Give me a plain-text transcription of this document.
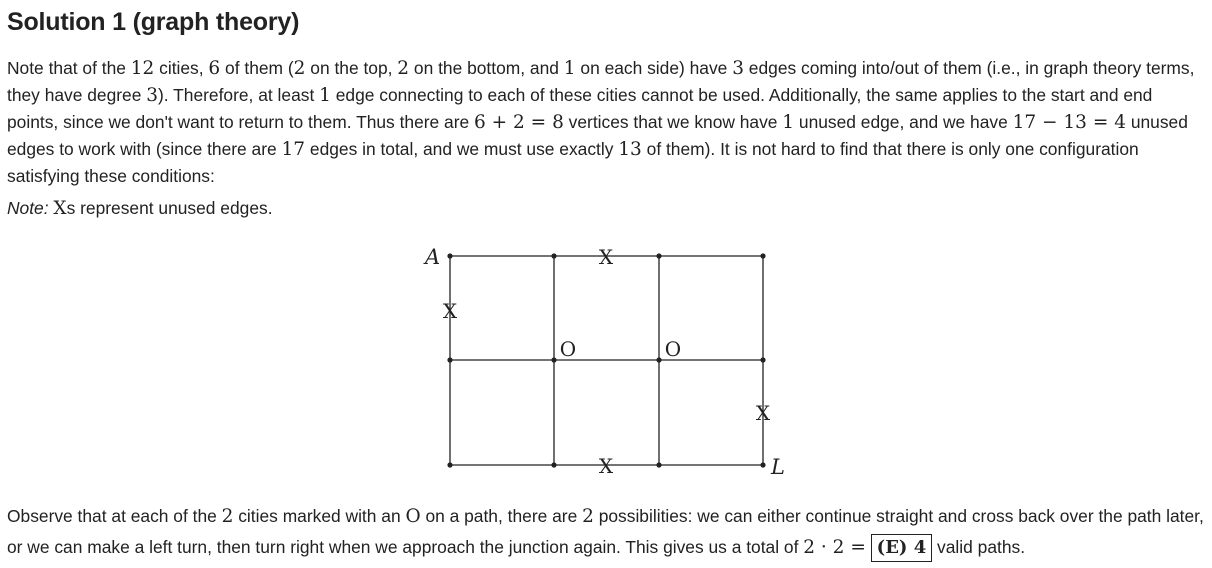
Solution 1 (graph theory)

Note that of the 12 cities, 6 of them (2 on the top, 2 on the bottom, and 1 on each side) have 3 edges coming into/out of them (i.e., in graph theory terms, they have degree 3). Therefore, at least 1 edge connecting to each of these cities cannot be used. Additionally, the same applies to the start and end points, since we don't want to return to them. Thus there are 6 + 2 = 8 vertices that we know have 1 unused edge, and we have 17 − 13 = 4 unused edges to work with (since there are 17 edges in total, and we must use exactly 13 of them). It is not hard to find that there is only one configuration satisfying these conditions:

Note: Xs represent unused edges.

A
L
X
X
X
X
O	O

Observe that at each of the 2 cities marked with an O on a path, there are 2 possibilities: we can either continue straight and cross back over the path later, or we can make a left turn, then turn right when we approach the junction again. This gives us a total of 2 · 2 = (E) 4 valid paths.
